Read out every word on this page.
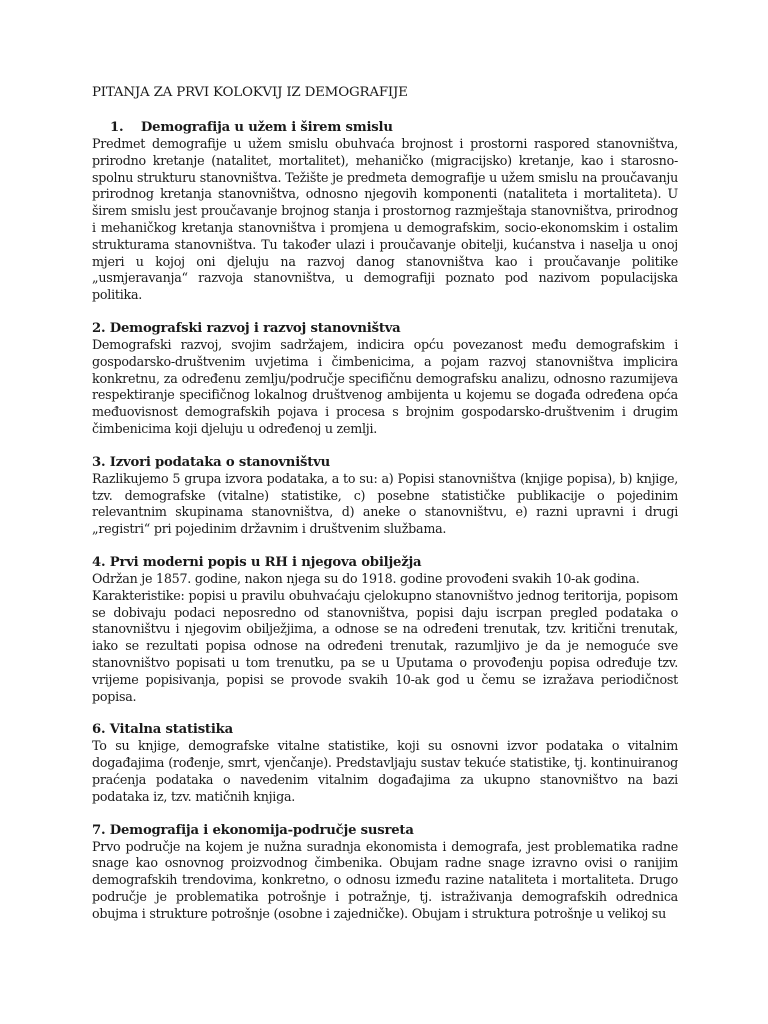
PITANJA ZA PRVI KOLOKVIJ IZ DEMOGRAFIJE
1.    Demografija u užem i širem smislu

Predmet demografije u užem smislu obuhvaća brojnost i prostorni raspored stanovništva, prirodno kretanje (natalitet, mortalitet), mehaničko (migracijsko) kretanje, kao i starosno-spolnu strukturu stanovništva. Težište je predmeta demografije u užem smislu na proučavanju prirodnog kretanja stanovništva, odnosno njegovih komponenti (nataliteta i mortaliteta). U širem smislu jest proučavanje brojnog stanja i prostornog razmještaja stanovništva, prirodnog i mehaničkog kretanja stanovništva i promjena u demografskim, socio-ekonomskim i ostalim strukturama stanovništva. Tu također ulazi i proučavanje obitelji, kućanstva i naselja u onoj mjeri u kojoj oni djeluju na razvoj danog stanovništva kao i proučavanje politike „usmjeravanja“ razvoja stanovništva, u demografiji poznato pod nazivom populacijska politika.

2. Demografski razvoj i razvoj stanovništva

Demografski razvoj, svojim sadržajem, indicira opću povezanost među demografskim i gospodarsko-društvenim uvjetima i čimbenicima, a pojam razvoj stanovništva implicira konkretnu, za određenu zemlju/područje specifičnu demografsku analizu, odnosno razumijeva respektiranje specifičnog lokalnog društvenog ambijenta u kojemu se događa određena opća međuovisnost demografskih pojava i procesa s brojnim gospodarsko-društvenim i drugim čimbenicima koji djeluju u određenoj u zemlji.

3. Izvori podataka o stanovništvu

Razlikujemo 5 grupa izvora podataka, a to su: a) Popisi stanovništva (knjige popisa), b) knjige, tzv. demografske (vitalne) statistike, c) posebne statističke publikacije o pojedinim relevantnim skupinama stanovništva, d) aneke o stanovništvu, e) razni upravni i drugi „registri“ pri pojedinim državnim i društvenim službama.

4. Prvi moderni popis u RH i njegova obilježja

Održan je 1857. godine, nakon njega su do 1918. godine provođeni svakih 10-ak godina.

Karakteristike: popisi u pravilu obuhvaćaju cjelokupno stanovništvo jednog teritorija, popisom se dobivaju podaci neposredno od stanovništva, popisi daju iscrpan pregled podataka o stanovništvu i njegovim obilježjima, a odnose se na određeni trenutak, tzv. kritični trenutak, iako se rezultati popisa odnose na određeni trenutak, razumljivo je da je nemoguće sve stanovništvo popisati u tom trenutku, pa se u Uputama o provođenju popisa određuje tzv. vrijeme popisivanja, popisi se provode svakih 10-ak god u čemu se izražava periodičnost popisa.

6. Vitalna statistika

To su knjige, demografske vitalne statistike, koji su osnovni izvor podataka o vitalnim događajima (rođenje, smrt, vjenčanje). Predstavljaju sustav tekuće statistike, tj. kontinuiranog praćenja podataka o navedenim vitalnim događajima za ukupno stanovništvo na bazi podataka iz, tzv. matičnih knjiga.

7. Demografija i ekonomija-područje susreta

Prvo područje na kojem je nužna suradnja ekonomista i demografa, jest problematika radne snage kao osnovnog proizvodnog čimbenika. Obujam radne snage izravno ovisi o ranijim demografskih trendovima, konkretno, o odnosu između razine nataliteta i mortaliteta. Drugo područje je problematika potrošnje i potražnje, tj. istraživanja demografskih odrednica obujma i strukture potrošnje (osobne i zajedničke). Obujam i struktura potrošnje u velikoj su
